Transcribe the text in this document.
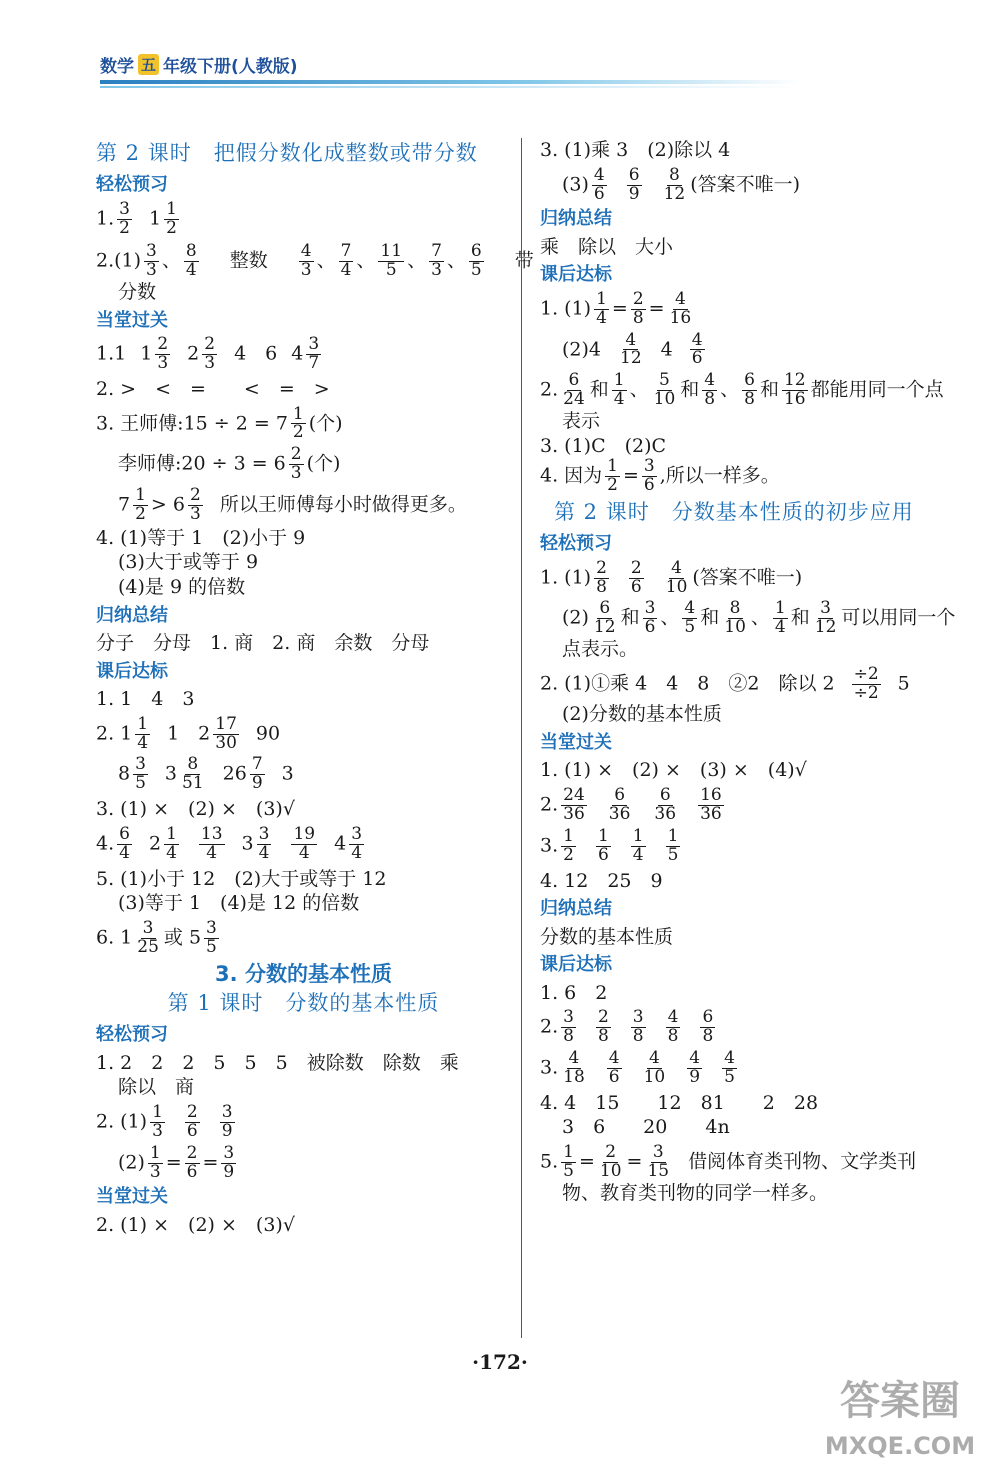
数学 五 年级下册(人教版)

第 2 课时　把假分数化成整数或带分数

轻松预习

1. $\frac{3}{2} 1 \frac{1}{2}$

$2.(1) \frac{3}{3}$ 、 $\frac{8}{4}$ 整数 $\frac{4}{3}$ 、 $\frac{7}{4}$ 、 $\frac{11}{5}$ 、 $\frac{7}{3}$ 、 $\frac{6}{5}$ 带

分数

当堂过关

1.1 $1 \frac{2}{3} 2 \frac{2}{3} 4$　6 $4 \frac{3}{7}$

2. >　<　=　　<　=　>

3. 王师傅:15 ÷ $2 = 7 \frac{1}{2}$ (个)

李师傅:20 ÷ $3 = 6 \frac{2}{3}$ (个)

$7 \frac{1}{2} > 6 \frac{2}{3}$ 所以王师傅每小时做得更多。

4. (1)等于 1　(2)小于 9

(3)大于或等于 9

(4)是 9 的倍数

归纳总结

分子　分母　1. 商　2. 商　余数　分母

课后达标

1. 1　4　3

2. $1 \frac{1}{4} 1$　$2 \frac{17}{30} 90$

$8 \frac{3}{5} 3 \frac{8}{51} 26 \frac{7}{9} 3$

3. (1) ×　(2) ×　(3)√

4. $\frac{6}{4} 2 \frac{1}{4} \frac{13}{4} 3 \frac{3}{4} \frac{19}{4} 4 \frac{3}{4}$

5. (1)小于 12　(2)大于或等于 12

(3)等于 1　(4)是 12 的倍数

6. $1 \frac{3}{25}$ 或 $5 \frac{3}{5}$

3. 分数的基本性质

第 1 课时　分数的基本性质

轻松预习

1. 2　2　2　5　5　5　被除数　除数　乘

除以　商

2. $(1) \frac{1}{3} \frac{2}{6} \frac{3}{9}$

$(2) \frac{1}{3} = \frac{2}{6} = \frac{3}{9}$

当堂过关

2. (1) ×　(2) ×　(3)√

3. (1)乘 3　(2)除以 4

$(3) \frac{4}{6} \frac{6}{9} \frac{8}{12}$ (答案不唯一)

归纳总结

乘　除以　大小

课后达标

1. $(1) \frac{1}{4} = \frac{2}{8} = \frac{4}{16}$

$(2)4 \frac{4}{12} 4 \frac{4}{6}$

2. $\frac{6}{24}$ 和 $\frac{1}{4}$ 、 $\frac{5}{10}$ 和 $\frac{4}{8}$ 、 $\frac{6}{8}$ 和 $\frac{12}{16}$ 都能用同一个点

表示

3. (1)C　(2)C

4. 因为 $\frac{1}{2} = \frac{3}{6}$ ,所以一样多。

第 2 课时　分数基本性质的初步应用

轻松预习

1. $(1) \frac{2}{8} \frac{2}{6} \frac{4}{10}$ (答案不唯一)

$(2) \frac{6}{12}$ 和 $\frac{3}{6}$ 、 $\frac{4}{5}$ 和 $\frac{8}{10}$ 、 $\frac{1}{4}$ 和 $\frac{3}{12}$ 可以用同一个

点表示。

2. (1)①乘 4　4　8　②2　除以 $2 \frac{\div 2}{\div 2} 5$

(2)分数的基本性质

当堂过关

1. (1) ×　(2) ×　(3) ×　(4)√

2. $\frac{24}{36} \frac{6}{36} \frac{6}{36} \frac{16}{36}$

3. $\frac{1}{2} \frac{1}{6} \frac{1}{4} \frac{1}{5}$

4. 12　25　9

归纳总结

分数的基本性质

课后达标

1. 6　2

2. $\frac{3}{8} \frac{2}{8} \frac{3}{8} \frac{4}{8} \frac{6}{8}$

3. $\frac{4}{18} \frac{4}{6} \frac{4}{10} \frac{4}{9} \frac{4}{5}$

4. 4　15　　12　81　　2　28

3　6　　20　　4n

5. $\frac{1}{5} = \frac{2}{10} = \frac{3}{15}$ 借阅体育类刊物、文学类刊

物、教育类刊物的同学一样多。

·172·
答案圈
MXQE.COM
